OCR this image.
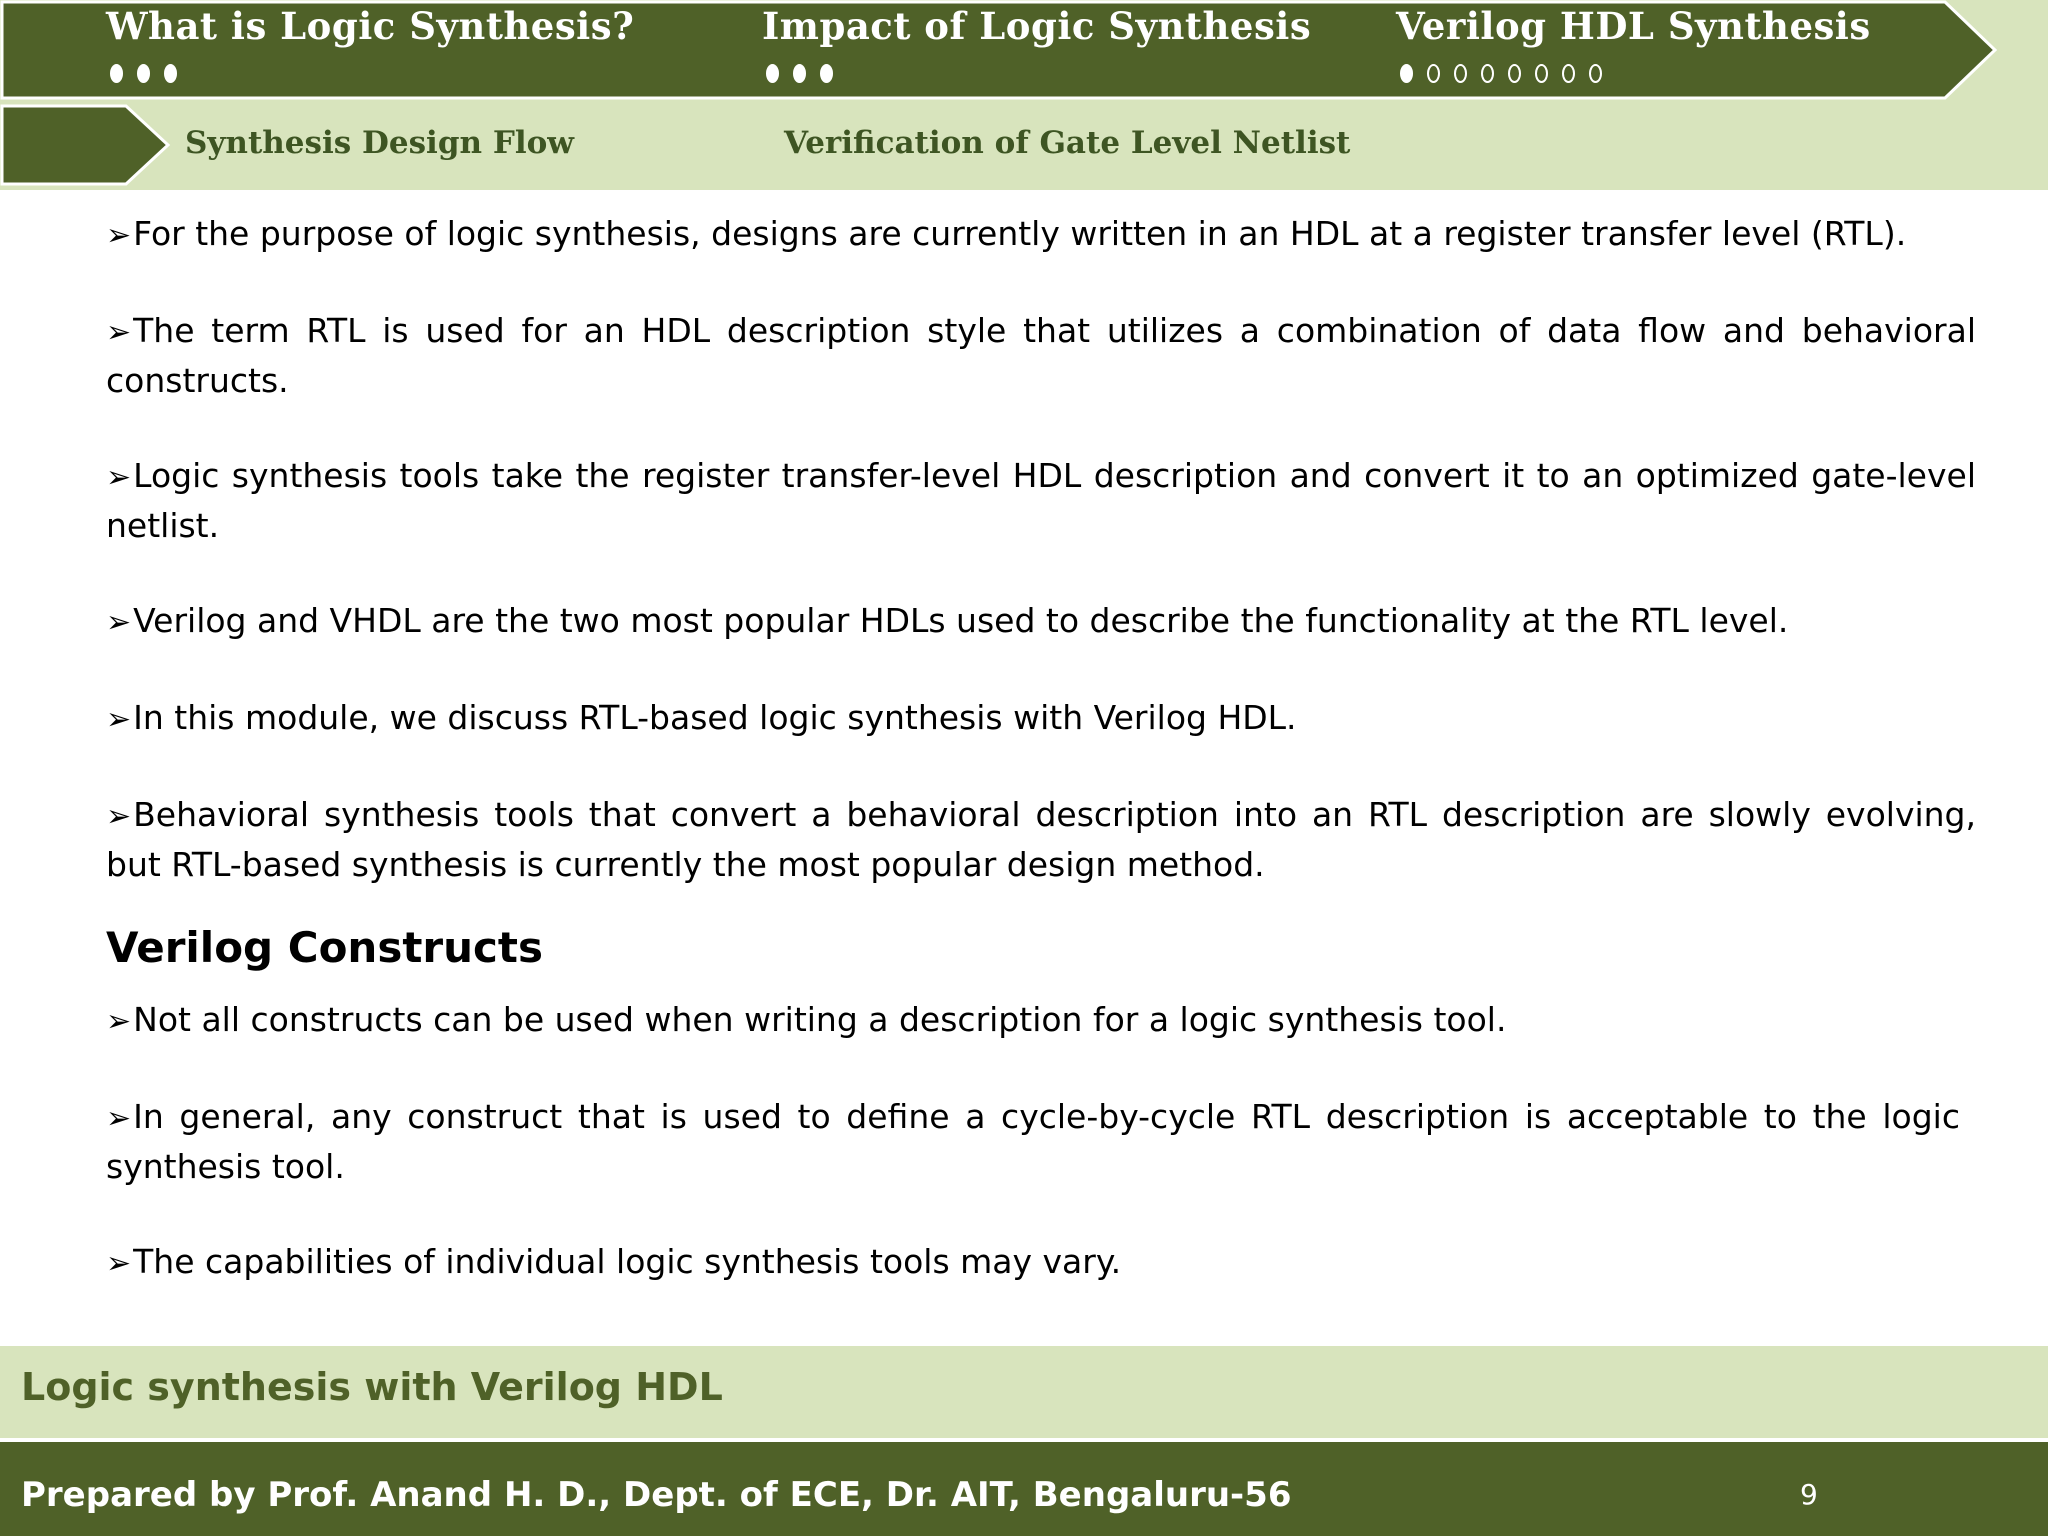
What is Logic Synthesis?	Impact of Logic Synthesis Verilog HDL Synthesis
Synthesis Design Flow	Verification of Gate Level Netlist

➢For the purpose of logic synthesis, designs are currently written in an HDL at a register transfer level (RTL).

➢The term RTL is used for an HDL description style that utilizes a combination of data flow and behavioral constructs.

➢Logic synthesis tools take the register transfer-level HDL description and convert it to an optimized gate-level netlist.

➢Verilog and VHDL are the two most popular HDLs used to describe the functionality at the RTL level.

➢In this module, we discuss RTL-based logic synthesis with Verilog HDL.

➢Behavioral synthesis tools that convert a behavioral description into an RTL description are slowly evolving, but RTL-based synthesis is currently the most popular design method.

Verilog Constructs

➢Not all constructs can be used when writing a description for a logic synthesis tool.

➢In general, any construct that is used to define a cycle-by-cycle RTL description is acceptable to the logic synthesis tool.

➢The capabilities of individual logic synthesis tools may vary.

Logic synthesis with Verilog HDL
Prepared by Prof. Anand H. D., Dept. of ECE, Dr. AIT, Bengaluru-56	9
